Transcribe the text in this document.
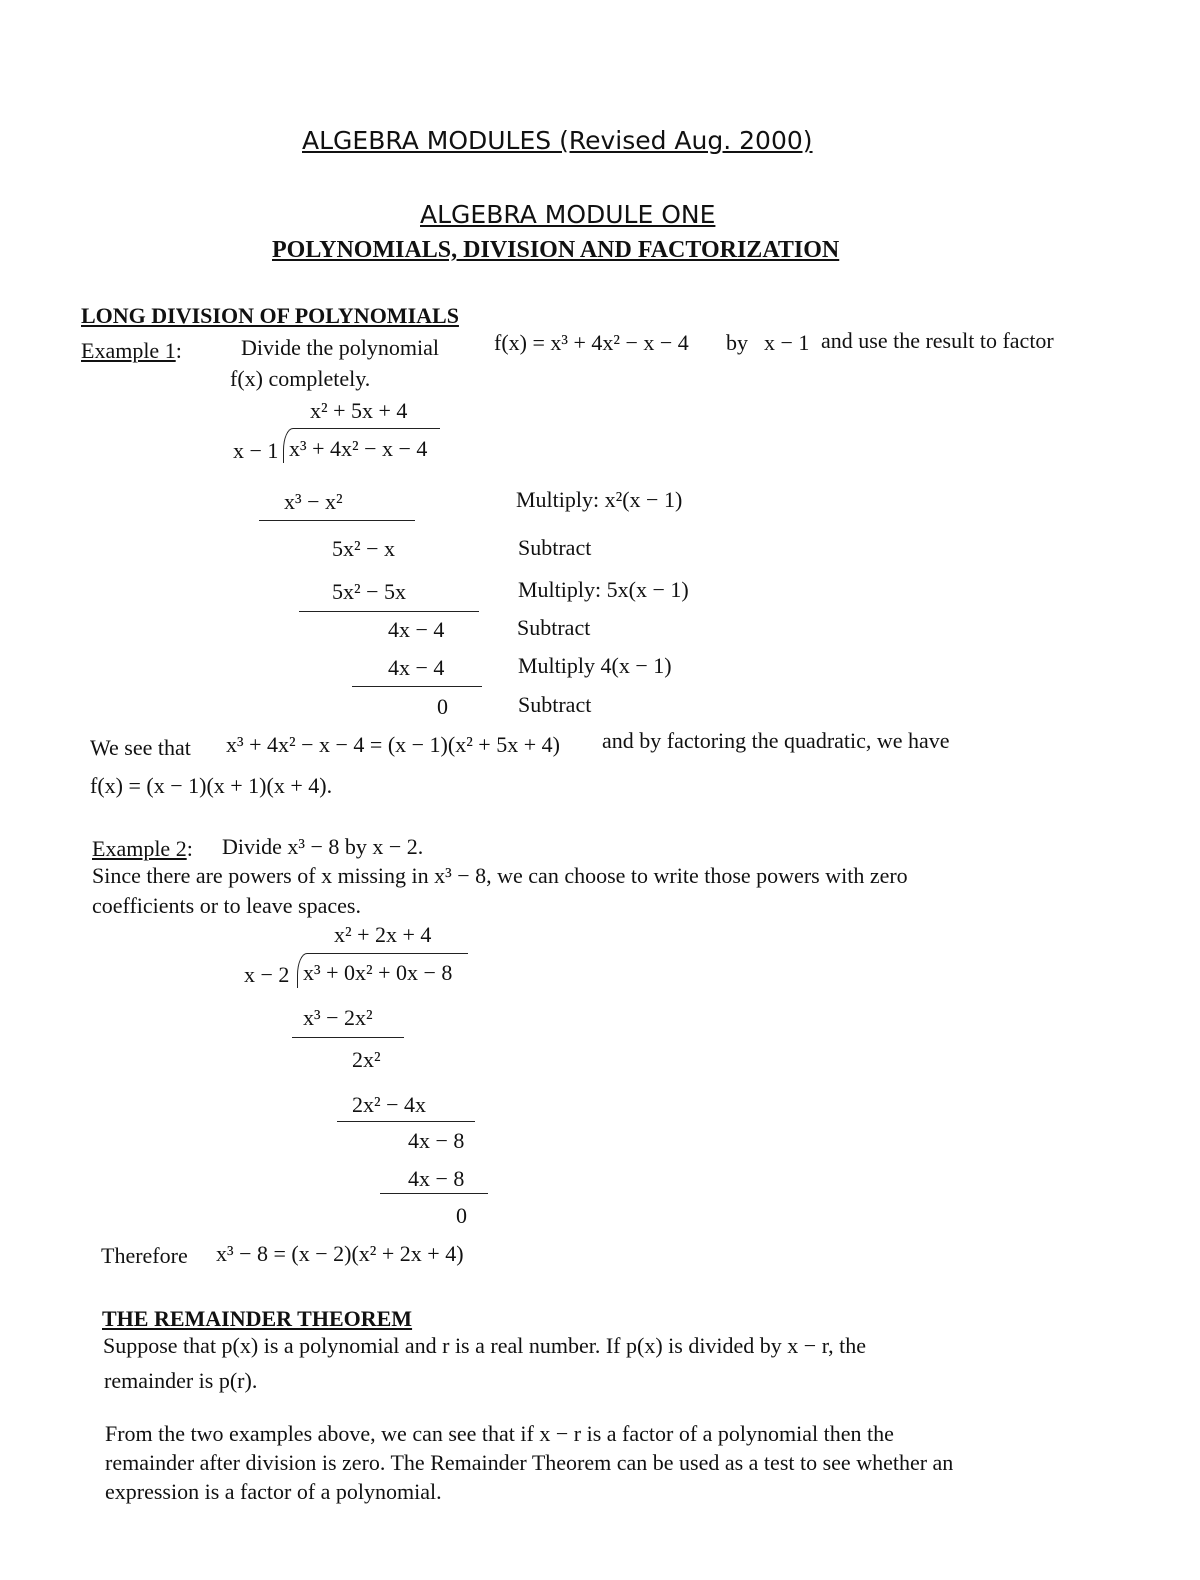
ALGEBRA MODULES (Revised Aug. 2000)
ALGEBRA MODULE ONE
POLYNOMIALS, DIVISION AND FACTORIZATION
LONG DIVISION OF POLYNOMIALS
Example 1:	Divide the polynomial	f(x) = x³ + 4x² − x − 4 by x − 1 and use the result to factor
f(x) completely.
x² + 5x + 4
x − 1 x³ + 4x² − x − 4
x³ − x²	Multiply: x²(x − 1)
5x² − x	Subtract
5x² − 5x	Multiply: 5x(x − 1)
4x − 4	Subtract
4x − 4	Multiply 4(x − 1)
0	Subtract
We see that x³ + 4x² − x − 4 = (x − 1)(x² + 5x + 4) and by factoring the quadratic, we have
f(x) = (x − 1)(x + 1)(x + 4).
Example 2: Divide x³ − 8 by x − 2.
Since there are powers of x missing in x³ − 8, we can choose to write those powers with zero
coefficients or to leave spaces.
x² + 2x + 4
x − 2 x³ + 0x² + 0x − 8
x³ − 2x²
2x²
2x² − 4x
4x − 8
4x − 8
0
Therefore x³ − 8 = (x − 2)(x² + 2x + 4)
THE REMAINDER THEOREM
Suppose that p(x) is a polynomial and r is a real number. If p(x) is divided by x − r, the
remainder is p(r).
From the two examples above, we can see that if x − r is a factor of a polynomial then the
remainder after division is zero. The Remainder Theorem can be used as a test to see whether an
expression is a factor of a polynomial.
